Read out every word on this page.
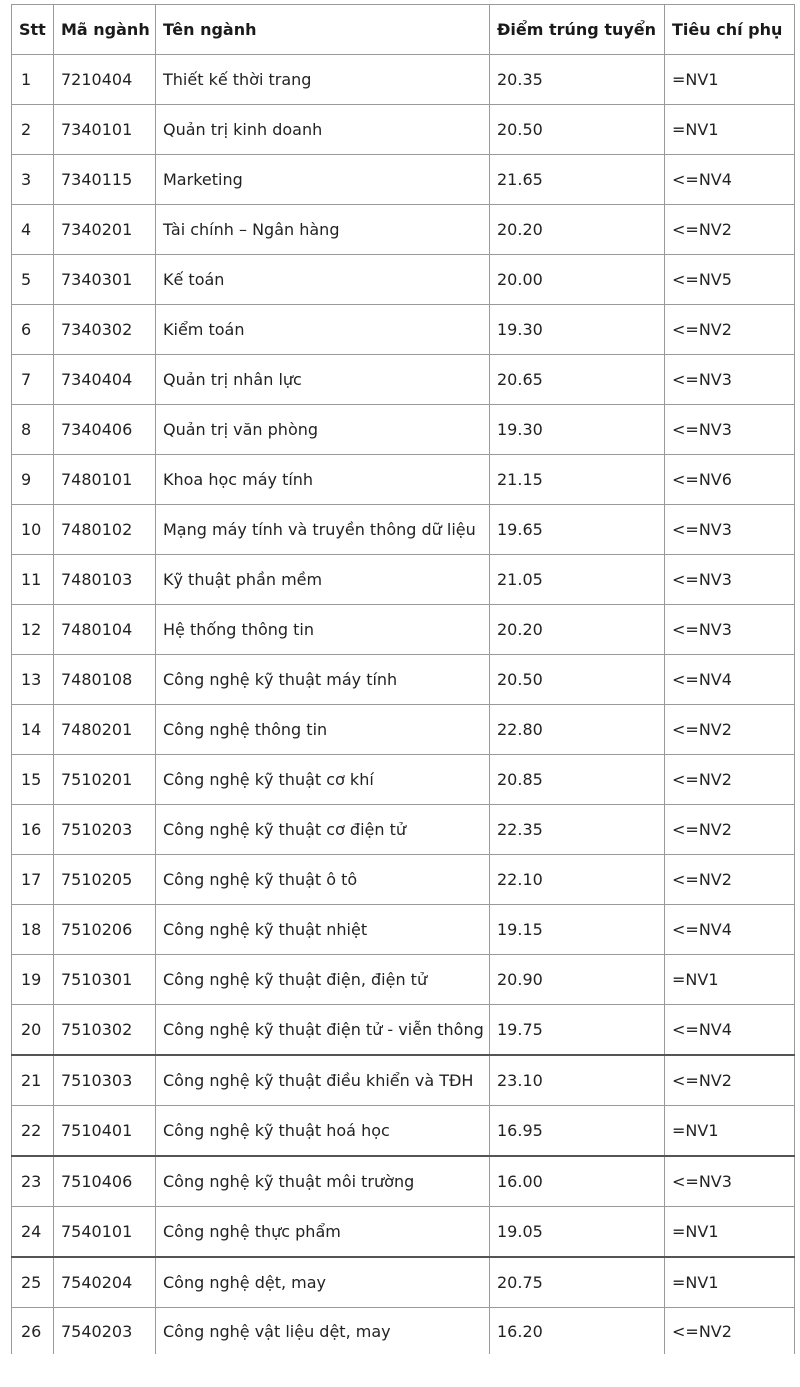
Stt	Mã ngành	Tên ngành	Điểm trúng tuyển	Tiêu chí phụ
1	7210404	Thiết kế thời trang	20.35	=NV1
2	7340101	Quản trị kinh doanh	20.50	=NV1
3	7340115	Marketing	21.65	<=NV4
4	7340201	Tài chính – Ngân hàng	20.20	<=NV2
5	7340301	Kế toán	20.00	<=NV5
6	7340302	Kiểm toán	19.30	<=NV2
7	7340404	Quản trị nhân lực	20.65	<=NV3
8	7340406	Quản trị văn phòng	19.30	<=NV3
9	7480101	Khoa học máy tính	21.15	<=NV6
10	7480102	Mạng máy tính và truyền thông dữ liệu	19.65	<=NV3
11	7480103	Kỹ thuật phần mềm	21.05	<=NV3
12	7480104	Hệ thống thông tin	20.20	<=NV3
13	7480108	Công nghệ kỹ thuật máy tính	20.50	<=NV4
14	7480201	Công nghệ thông tin	22.80	<=NV2
15	7510201	Công nghệ kỹ thuật cơ khí	20.85	<=NV2
16	7510203	Công nghệ kỹ thuật cơ điện tử	22.35	<=NV2
17	7510205	Công nghệ kỹ thuật ô tô	22.10	<=NV2
18	7510206	Công nghệ kỹ thuật nhiệt	19.15	<=NV4
19	7510301	Công nghệ kỹ thuật điện, điện tử	20.90	=NV1
20	7510302	Công nghệ kỹ thuật điện tử - viễn thông	19.75	<=NV4
21	7510303	Công nghệ kỹ thuật điều khiển và TĐH	23.10	<=NV2
22	7510401	Công nghệ kỹ thuật hoá học	16.95	=NV1
23	7510406	Công nghệ kỹ thuật môi trường	16.00	<=NV3
24	7540101	Công nghệ thực phẩm	19.05	=NV1
25	7540204	Công nghệ dệt, may	20.75	=NV1
26	7540203	Công nghệ vật liệu dệt, may	16.20	<=NV2
